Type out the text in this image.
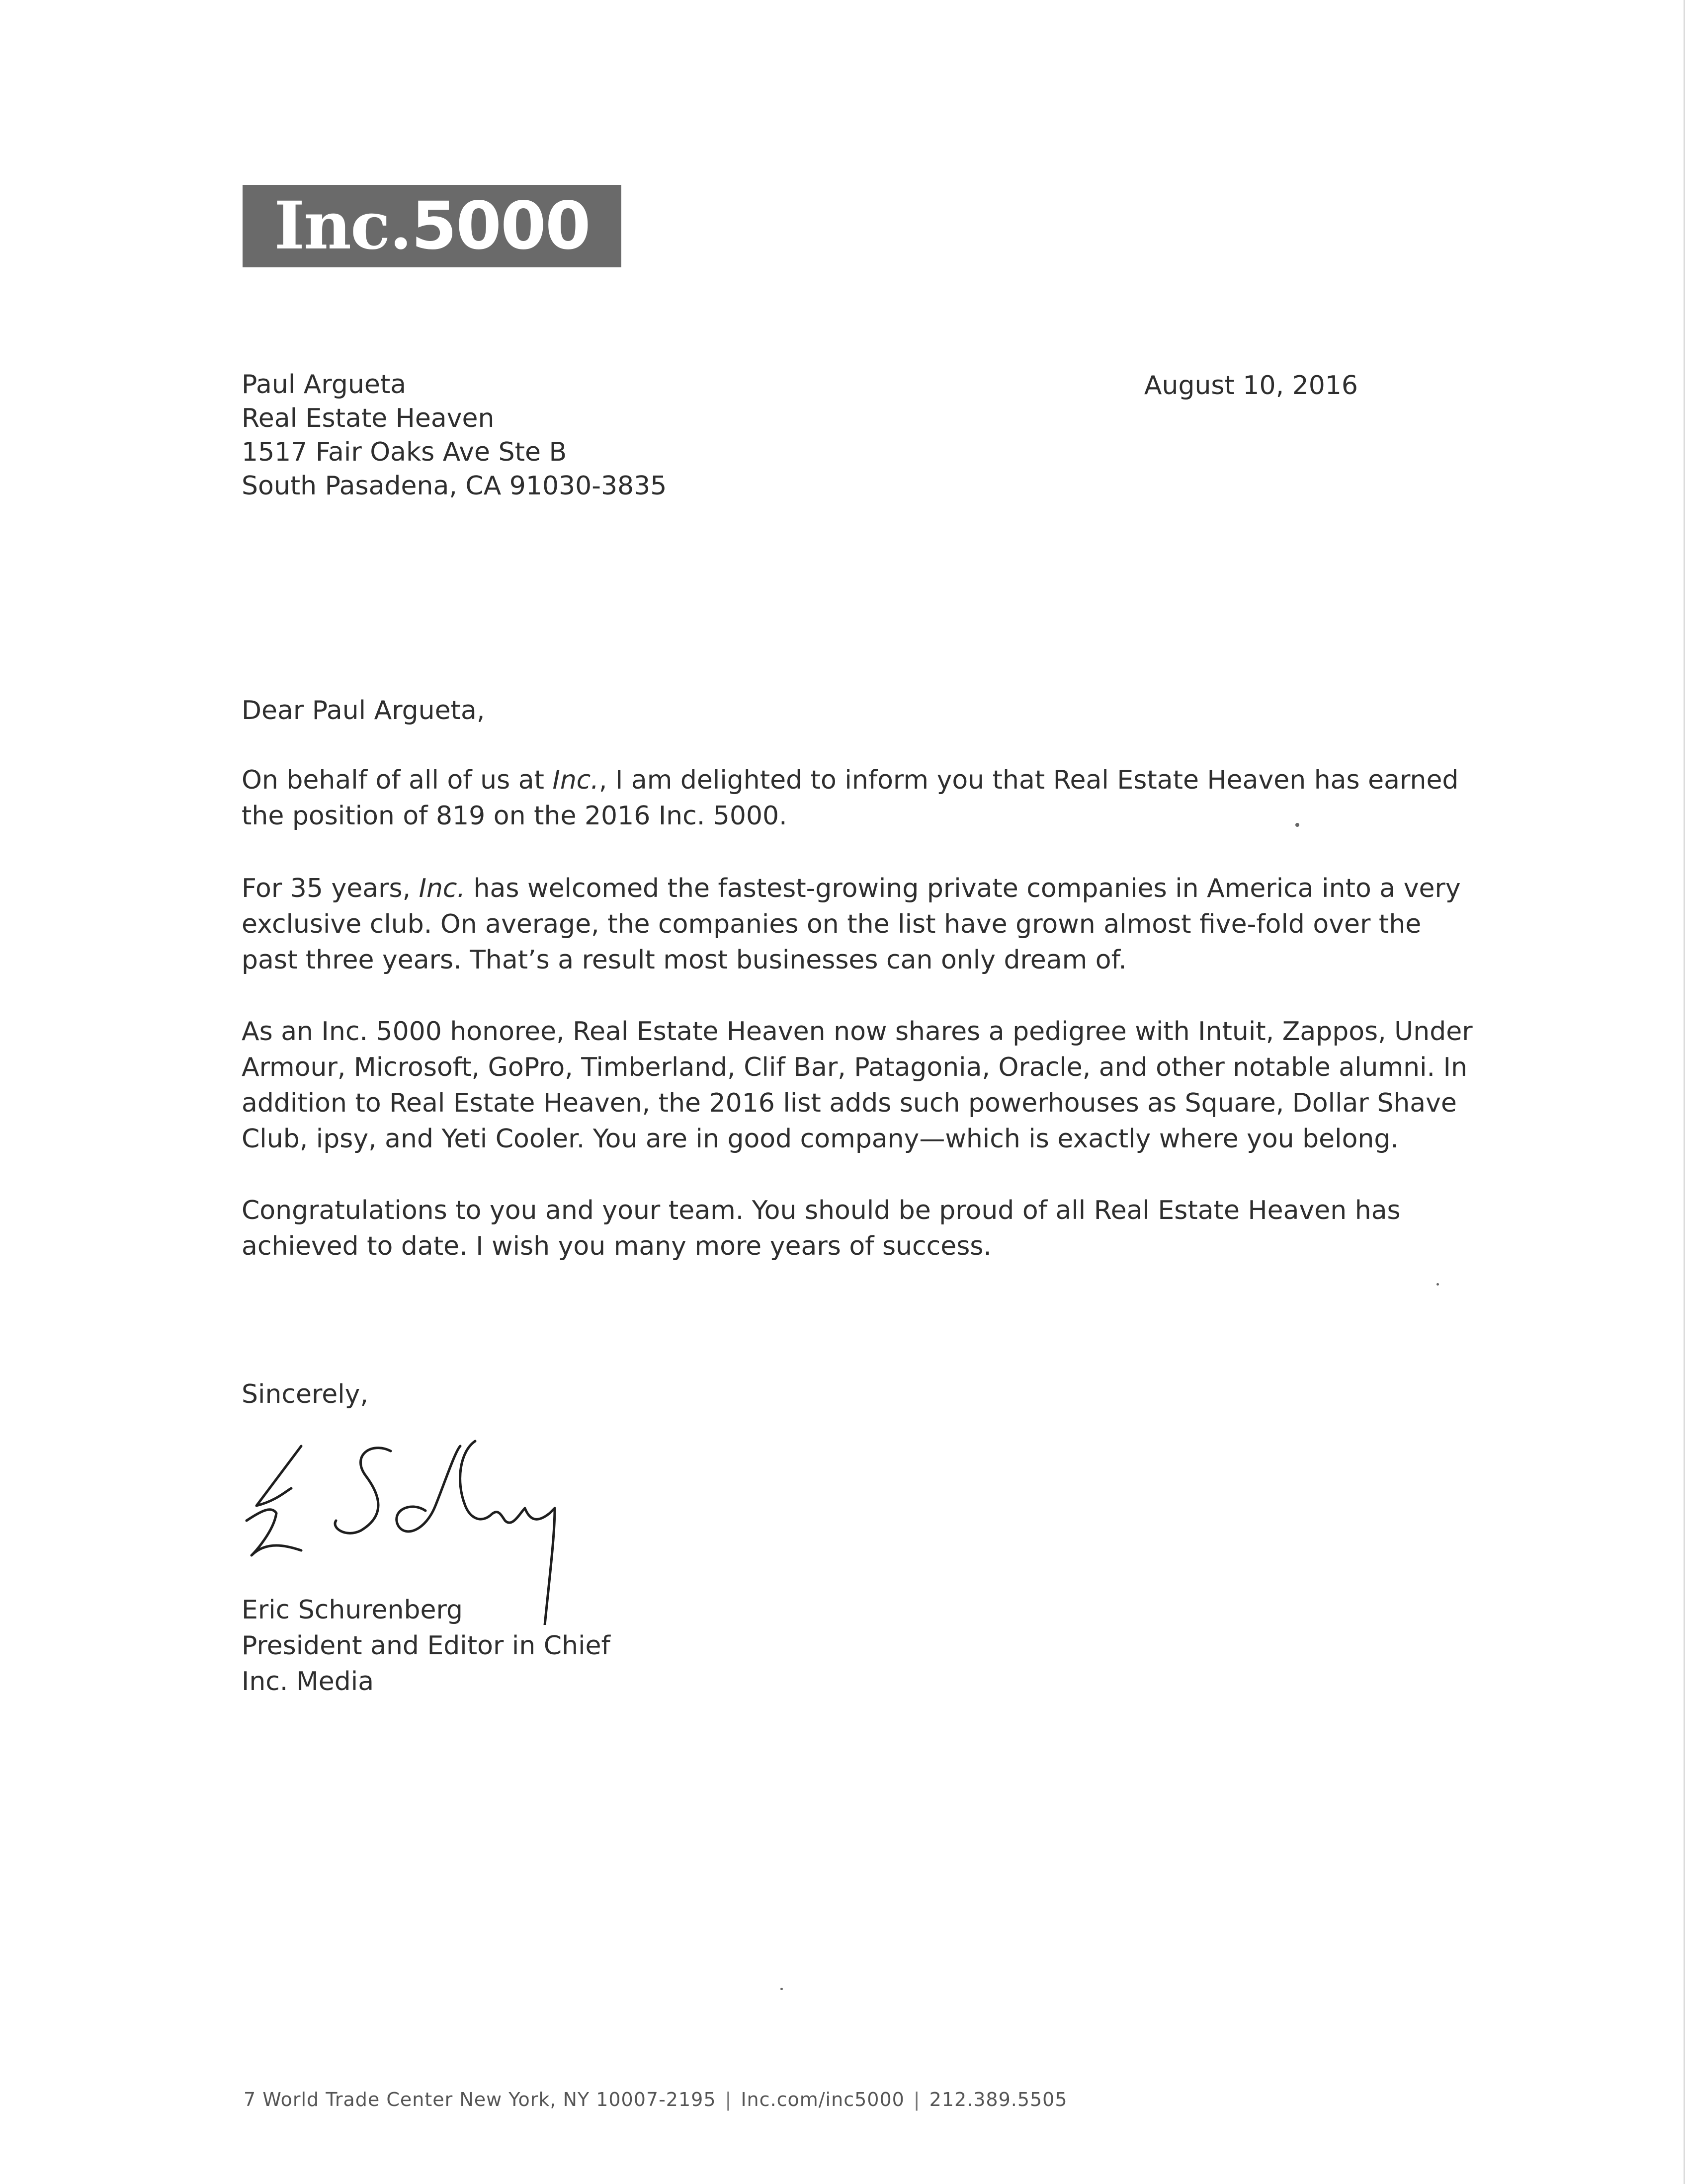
Inc.5000
Paul Argueta
Real Estate Heaven
1517 Fair Oaks Ave Ste B
South Pasadena, CA 91030-3835
August 10, 2016
Dear Paul Argueta,
On behalf of all of us at Inc., I am delighted to inform you that Real Estate Heaven has earned
the position of 819 on the 2016 Inc. 5000.
For 35 years, Inc. has welcomed the fastest-growing private companies in America into a very
exclusive club. On average, the companies on the list have grown almost five-fold over the
past three years. That’s a result most businesses can only dream of.
As an Inc. 5000 honoree, Real Estate Heaven now shares a pedigree with Intuit, Zappos, Under
Armour, Microsoft, GoPro, Timberland, Clif Bar, Patagonia, Oracle, and other notable alumni. In
addition to Real Estate Heaven, the 2016 list adds such powerhouses as Square, Dollar Shave
Club, ipsy, and Yeti Cooler. You are in good company—which is exactly where you belong.
Congratulations to you and your team. You should be proud of all Real Estate Heaven has
achieved to date. I wish you many more years of success.
Sincerely,
Eric Schurenberg
President and Editor in Chief
Inc. Media
7 World Trade Center New York, NY 10007-2195 | Inc.com/inc5000 | 212.389.5505
